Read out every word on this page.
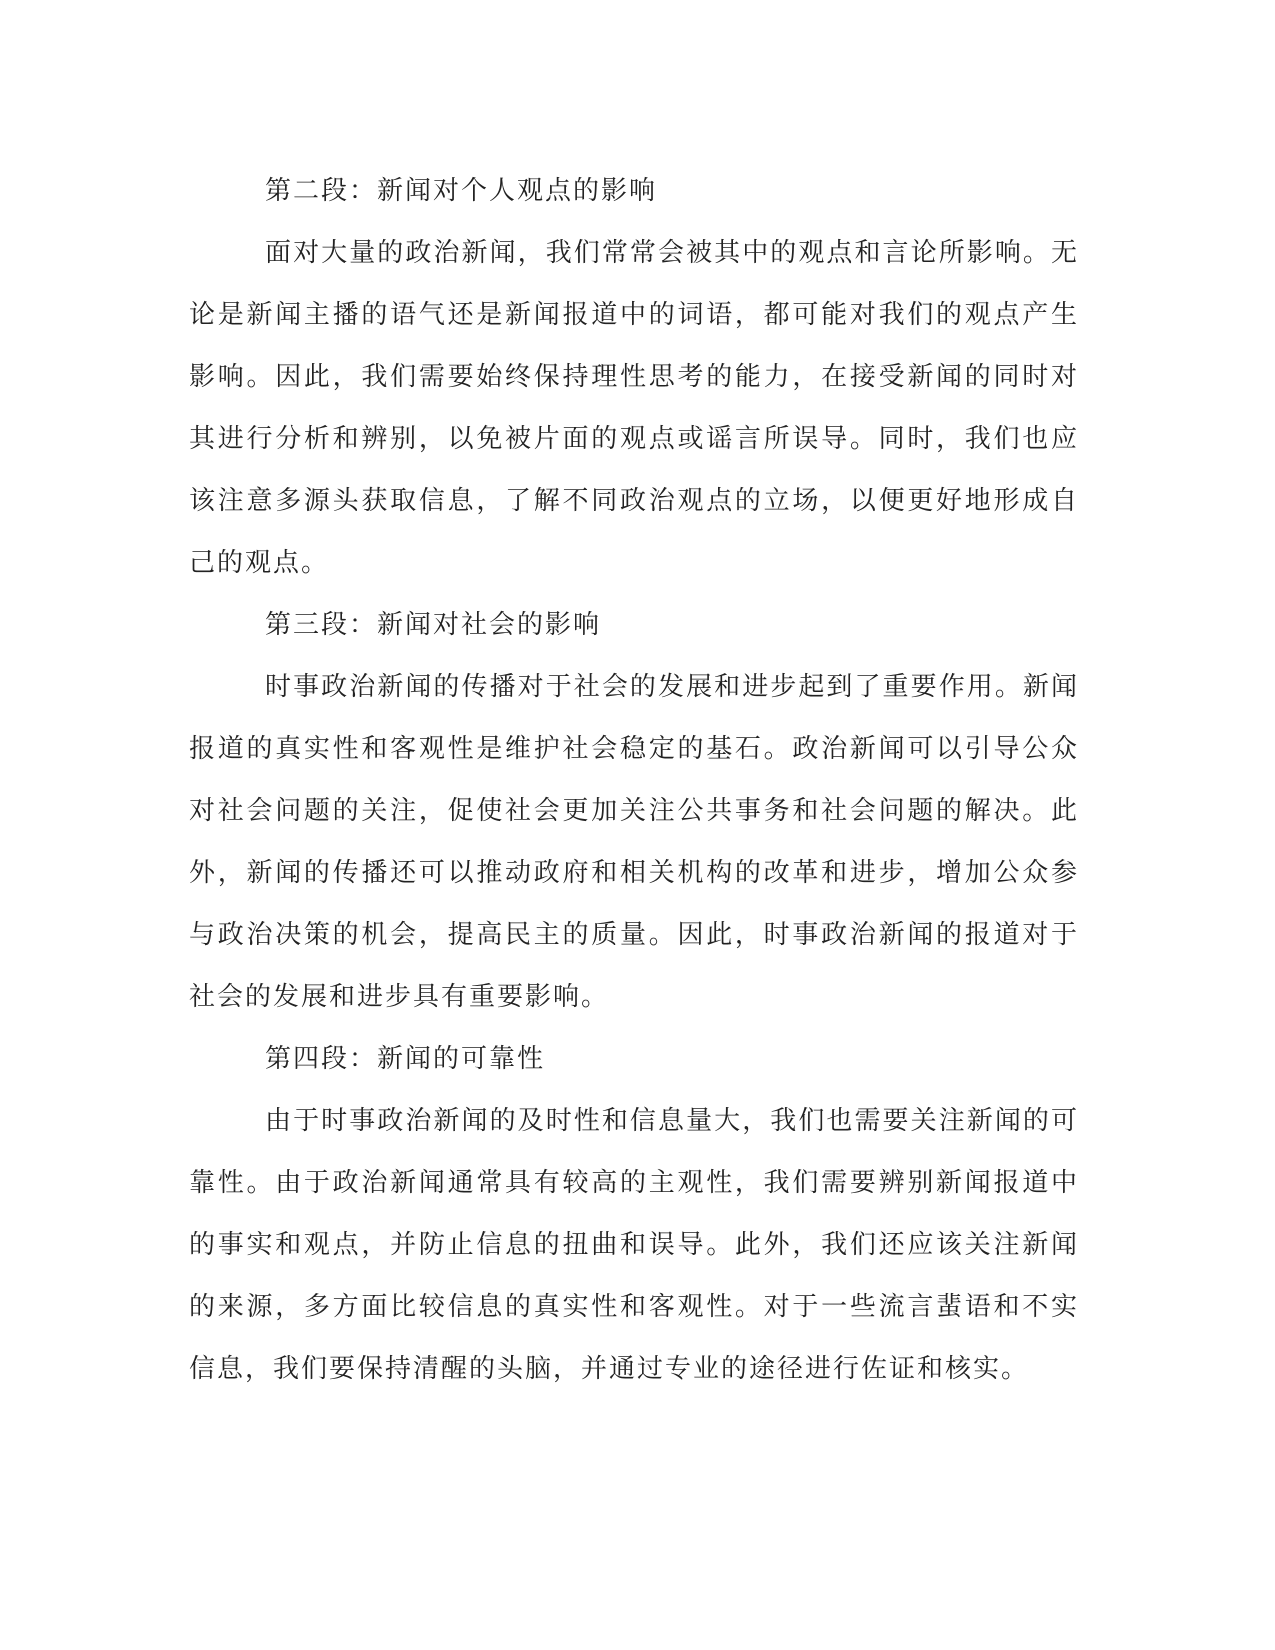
第二段：新闻对个人观点的影响

面对大量的政治新闻，我们常常会被其中的观点和言论所影响。无论是新闻主播的语气还是新闻报道中的词语，都可能对我们的观点产生影响。因此，我们需要始终保持理性思考的能力，在接受新闻的同时对其进行分析和辨别，以免被片面的观点或谣言所误导。同时，我们也应该注意多源头获取信息，了解不同政治观点的立场，以便更好地形成自己的观点。

第三段：新闻对社会的影响

时事政治新闻的传播对于社会的发展和进步起到了重要作用。新闻报道的真实性和客观性是维护社会稳定的基石。政治新闻可以引导公众对社会问题的关注，促使社会更加关注公共事务和社会问题的解决。此外，新闻的传播还可以推动政府和相关机构的改革和进步，增加公众参与政治决策的机会，提高民主的质量。因此，时事政治新闻的报道对于社会的发展和进步具有重要影响。

第四段：新闻的可靠性

由于时事政治新闻的及时性和信息量大，我们也需要关注新闻的可靠性。由于政治新闻通常具有较高的主观性，我们需要辨别新闻报道中的事实和观点，并防止信息的扭曲和误导。此外，我们还应该关注新闻的来源，多方面比较信息的真实性和客观性。对于一些流言蜚语和不实信息，我们要保持清醒的头脑，并通过专业的途径进行佐证和核实。
